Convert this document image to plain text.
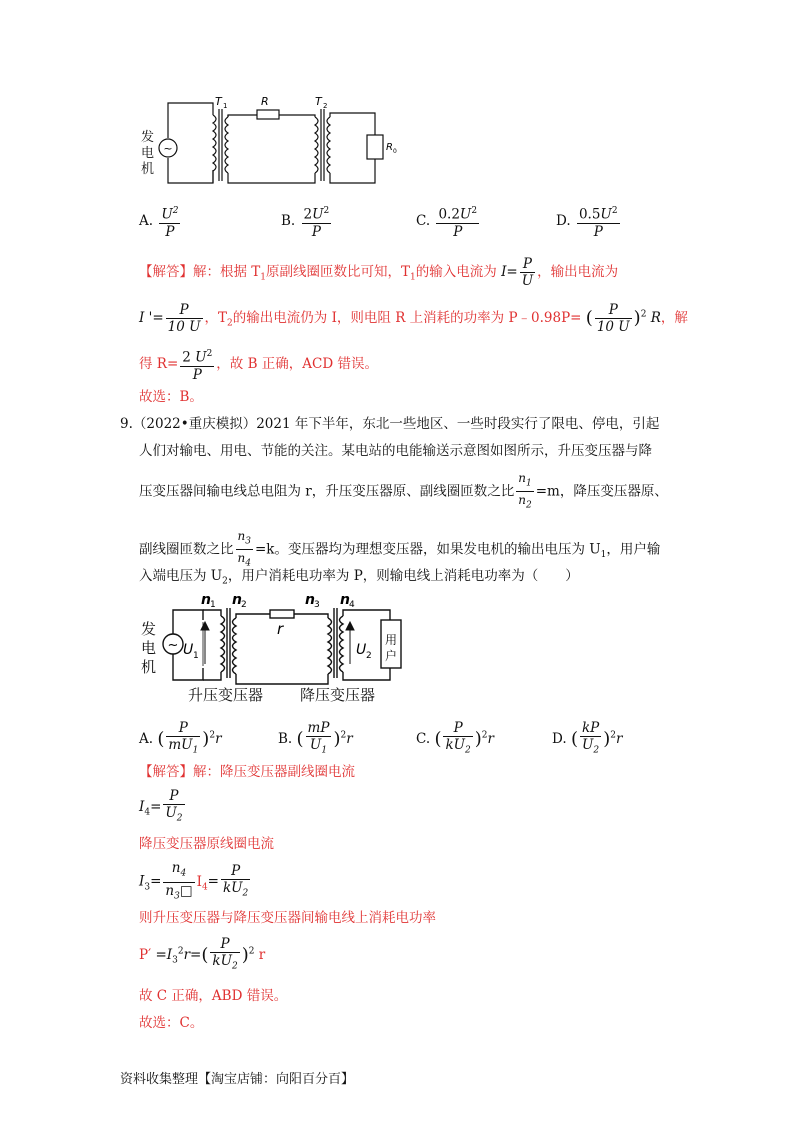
~
T 1	R	T 2
R 0
发电机
A. $\frac{U^2}{P}$	B. $\frac{2U^2}{P}$	C. $\frac{0.2U^2}{P}$	D. $\frac{0.5U^2}{P}$
【解答】解：根据 $T_1$原副线圈匝数比可知，$T_1$的输入电流为 $I= \frac{P}{U}$ ，输出电流为
I '= $\frac{P}{10 U}$ ，$T_2$的输出电流仍为 I，则电阻 R 上消耗的功率为 P﹣0.98P= ( $\frac{P}{10 U} )^2$ R，解
得 $R= \frac{2 U^2}{P}$ ，故 B 正确，ACD 错误。
故选：B。
9.（2022•重庆模拟）2021 年下半年，东北一些地区、一些时段实行了限电、停电，引起
人们对输电、用电、节能的关注。某电站的电能输送示意图如图所示，升压变压器与降
压变压器间输电线总电阻为 r，升压变压器原、副线圈匝数之比 $\frac{n_1}{n_2} =m$，降压变压器原、
副线圈匝数之比 $\frac{n_3}{n_4} =k$。变压器均为理想变压器，如果发电机的输出电压为 $U_1$，用户输
入端电压为 $U_2$，用户消耗电功率为 P，则输电线上消耗电功率为（　　）
~
n 1 n 2
r
n 3 n 4
U 1	U 2
发电机
用户
升压变压器 降压变压器
A. ( $\frac{P}{mU_1} )^2r$	B. ( $\frac{mP}{U_1} )^2r$	C. ( $\frac{P}{kU_2} )^2r$	D. ( $\frac{kP}{U_2} )^2r$
【解答】解：降压变压器副线圈电流
$I_4= \frac{P}{U_2}$
降压变压器原线圈电流
$I_3= \frac{n_4}{n_3□} I_4= \frac{P}{kU_2}$
则升压变压器与降压变压器间输电线上消耗电功率
$P' =I_3^2r=( \frac{P}{kU_2} )^2$ r
故 C 正确，ABD 错误。
故选：C。
资料收集整理【淘宝店铺：向阳百分百】
